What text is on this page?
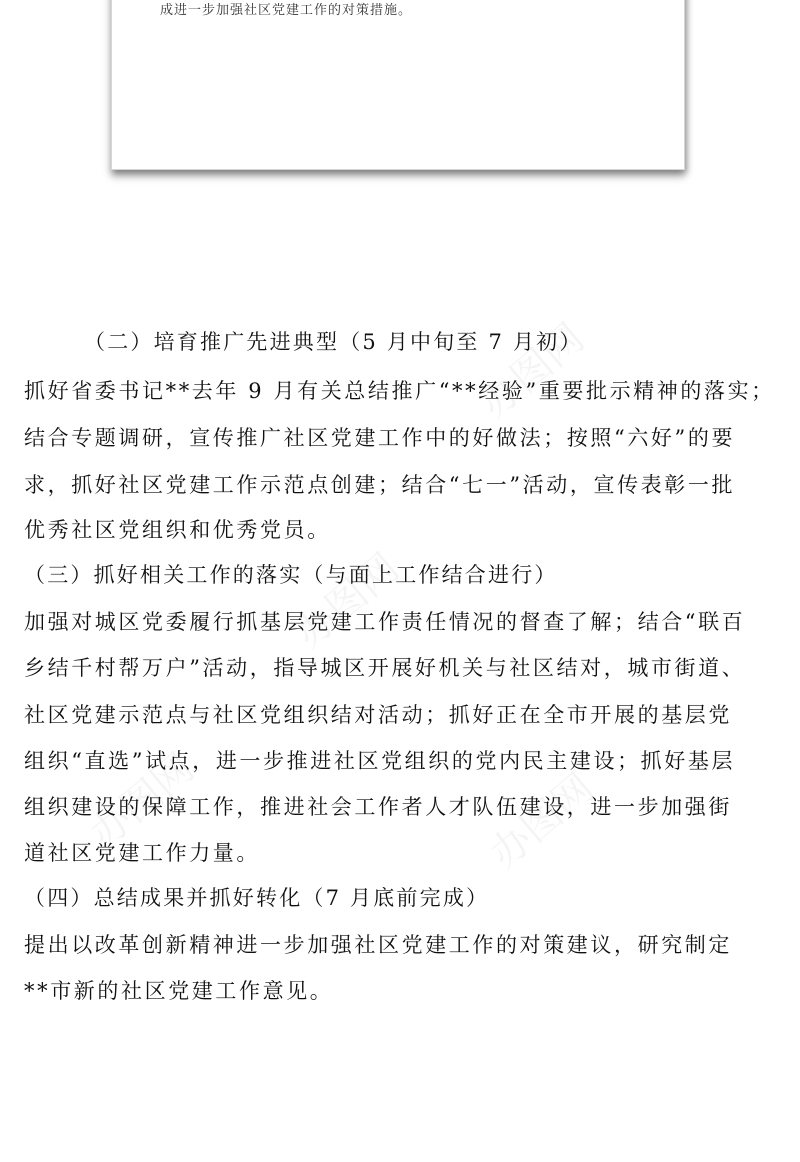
成进一步加强社区党建工作的对策措施。
（二）培育推广先进典型（5 月中旬至 7 月初）
抓好省委书记**去年 9 月有关总结推广“**经验”重要批示精神的落实；
结合专题调研，宣传推广社区党建工作中的好做法；按照“六好”的要
求，抓好社区党建工作示范点创建；结合“七一”活动，宣传表彰一批
优秀社区党组织和优秀党员。
（三）抓好相关工作的落实（与面上工作结合进行）
加强对城区党委履行抓基层党建工作责任情况的督查了解；结合“联百
乡结千村帮万户”活动，指导城区开展好机关与社区结对，城市街道、
社区党建示范点与社区党组织结对活动；抓好正在全市开展的基层党
组织“直选”试点，进一步推进社区党组织的党内民主建设；抓好基层
组织建设的保障工作，推进社会工作者人才队伍建设，进一步加强街
道社区党建工作力量。
（四）总结成果并抓好转化（7 月底前完成）
提出以改革创新精神进一步加强社区党建工作的对策建议，研究制定
**市新的社区党建工作意见。
